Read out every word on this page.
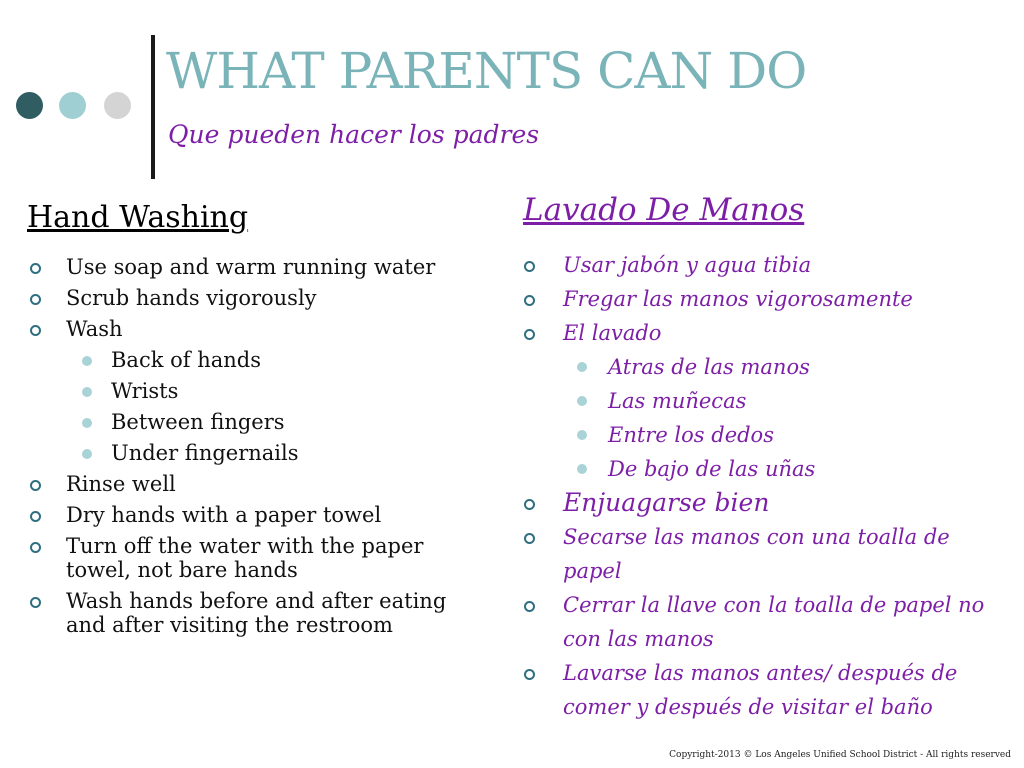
WHAT PARENTS CAN DO
Que pueden hacer los padres
Hand Washing	Lavado De Manos
Use soap and warm running water
Scrub hands vigorously
Wash
Back of hands
Wrists
Between fingers
Under fingernails
Rinse well
Dry hands with a paper towel
Turn off the water with the paper towel, not bare hands
Wash hands before and after eating and after visiting the restroom
Usar jabón y agua tibia
Fregar las manos vigorosamente
El lavado
Atras de las manos
Las muñecas
Entre los dedos
De bajo de las uñas
Enjuagarse bien
Secarse las manos con una toalla de papel
Cerrar la llave con la toalla de papel no con las manos
Lavarse las manos antes/ después de comer y después de visitar el baño
Copyright-2013 © Los Angeles Unified School District - All rights reserved
